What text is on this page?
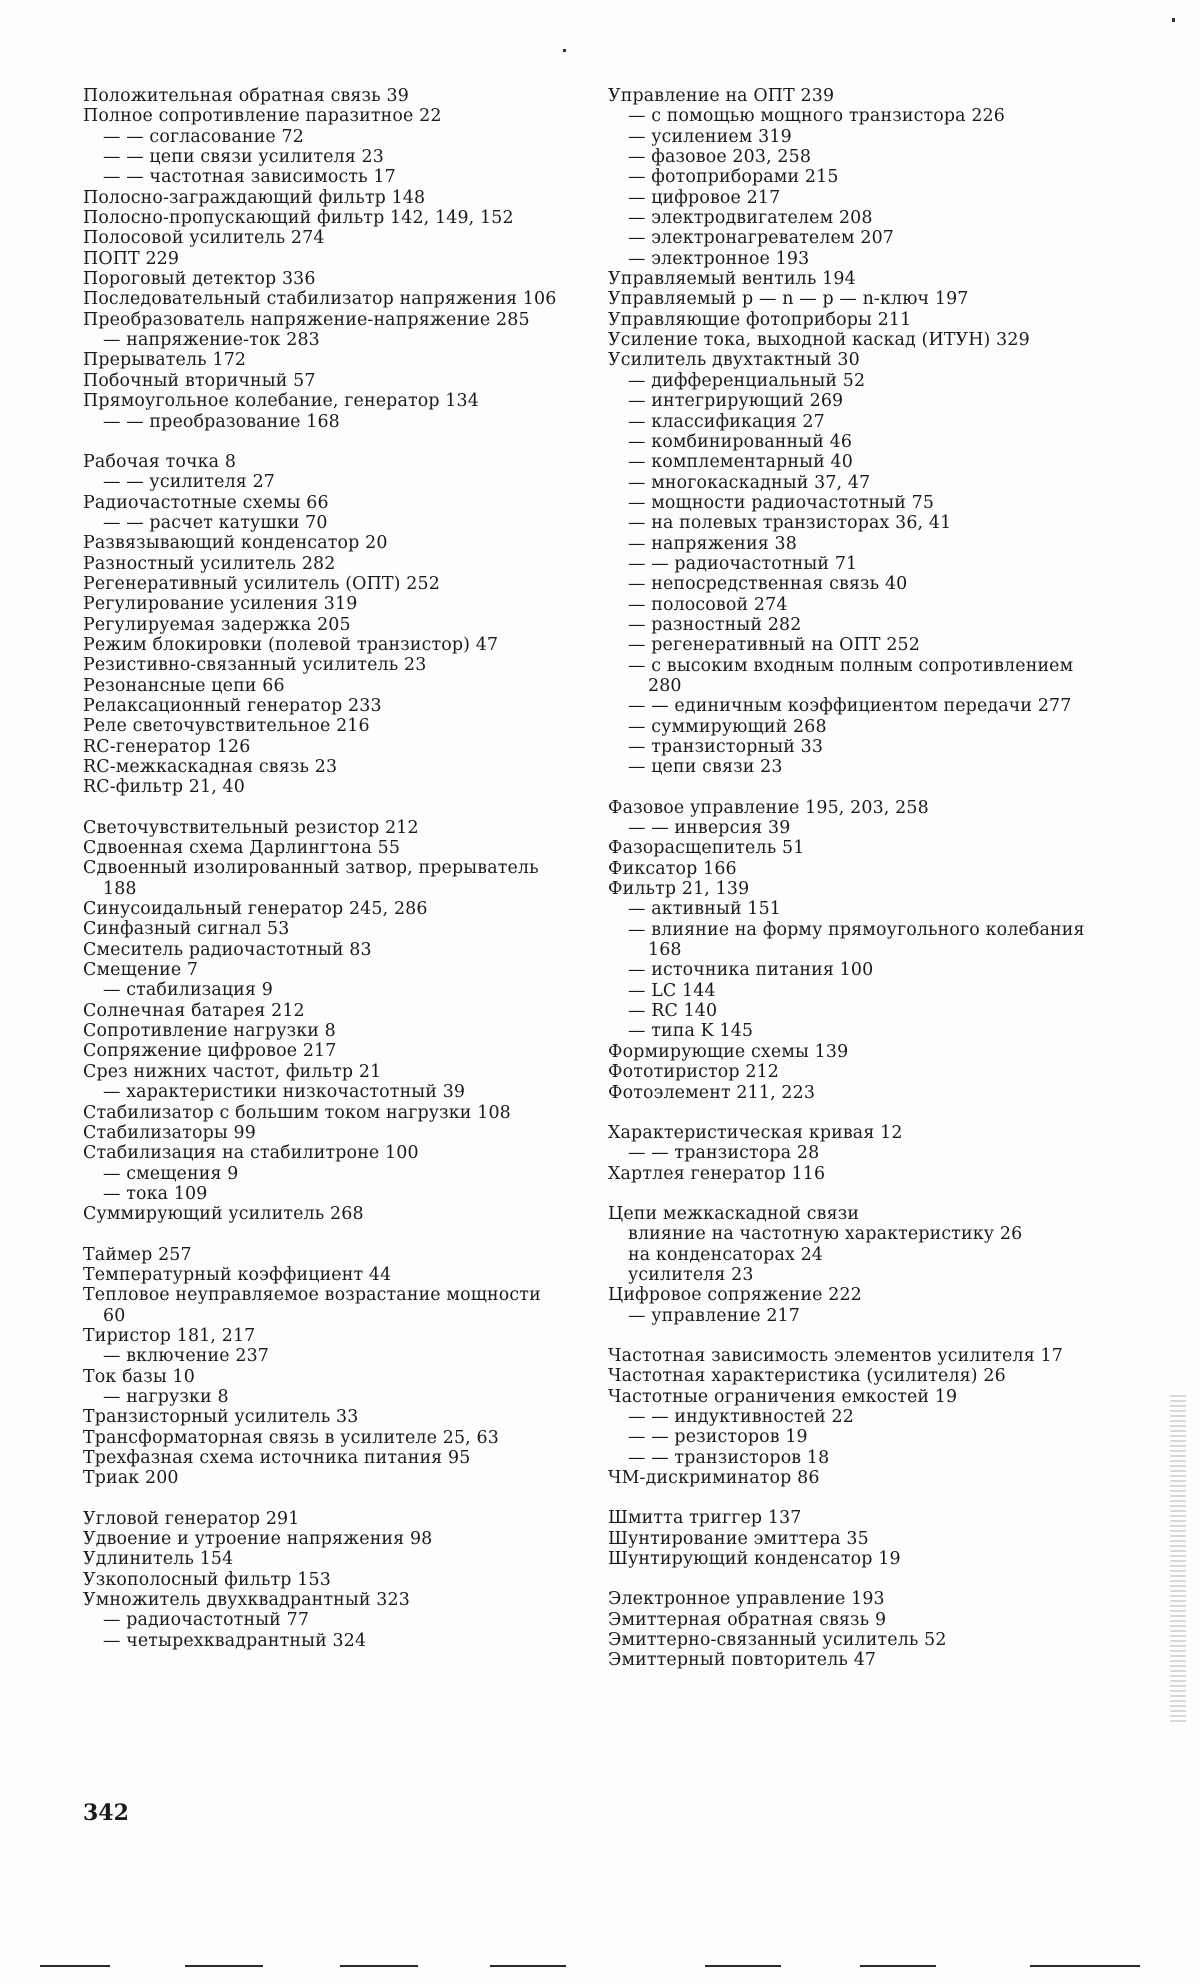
Положительная обратная связь 39
Полное сопротивление паразитное 22
— — согласование 72
— — цепи связи усилителя 23
— — частотная зависимость 17
Полосно-заграждающий фильтр 148
Полосно-пропускающий фильтр 142, 149, 152
Полосовой усилитель 274
ПОПТ 229
Пороговый детектор 336
Последовательный стабилизатор напряжения 106
Преобразователь напряжение-напряжение 285
— напряжение-ток 283
Прерыватель 172
Побочный вторичный 57
Прямоугольное колебание, генератор 134
— — преобразование 168
Рабочая точка 8
— — усилителя 27
Радиочастотные схемы 66
— — расчет катушки 70
Развязывающий конденсатор 20
Разностный усилитель 282
Регенеративный усилитель (ОПТ) 252
Регулирование усиления 319
Регулируемая задержка 205
Режим блокировки (полевой транзистор) 47
Резистивно-связанный усилитель 23
Резонансные цепи 66
Релаксационный генератор 233
Реле светочувствительное 216
RC-генератор 126
RC-межкаскадная связь 23
RC-фильтр 21, 40
Светочувствительный резистор 212
Сдвоенная схема Дарлингтона 55
Сдвоенный изолированный затвор, прерыватель 188
Синусоидальный генератор 245, 286
Синфазный сигнал 53
Смеситель радиочастотный 83
Смещение 7
— стабилизация 9
Солнечная батарея 212
Сопротивление нагрузки 8
Сопряжение цифровое 217
Срез нижних частот, фильтр 21
— характеристики низкочастотный 39
Стабилизатор с большим током нагрузки 108
Стабилизаторы 99
Стабилизация на стабилитроне 100
— смещения 9
— тока 109
Суммирующий усилитель 268
Таймер 257
Температурный коэффициент 44
Тепловое неуправляемое возрастание мощности 60
Тиристор 181, 217
— включение 237
Ток базы 10
— нагрузки 8
Транзисторный усилитель 33
Трансформаторная связь в усилителе 25, 63
Трехфазная схема источника питания 95
Триак 200
Угловой генератор 291
Удвоение и утроение напряжения 98
Удлинитель 154
Узкополосный фильтр 153
Умножитель двухквадрантный 323
— радиочастотный 77
— четырехквадрантный 324
Управление на ОПТ 239
— с помощью мощного транзистора 226
— усилением 319
— фазовое 203, 258
— фотоприборами 215
— цифровое 217
— электродвигателем 208
— электронагревателем 207
— электронное 193
Управляемый вентиль 194
Управляемый p — n — p — n-ключ 197
Управляющие фотоприборы 211
Усиление тока, выходной каскад (ИТУН) 329
Усилитель двухтактный 30
— дифференциальный 52
— интегрирующий 269
— классификация 27
— комбинированный 46
— комплементарный 40
— многокаскадный 37, 47
— мощности радиочастотный 75
— на полевых транзисторах 36, 41
— напряжения 38
— — радиочастотный 71
— непосредственная связь 40
— полосовой 274
— разностный 282
— регенеративный на ОПТ 252
— с высоким входным полным сопротивлением 280
— — единичным коэффициентом передачи 277
— суммирующий 268
— транзисторный 33
— цепи связи 23
Фазовое управление 195, 203, 258
— — инверсия 39
Фазорасщепитель 51
Фиксатор 166
Фильтр 21, 139
— активный 151
— влияние на форму прямоугольного колебания 168
— источника питания 100
— LC 144
— RC 140
— типа K 145
Формирующие схемы 139
Фототиристор 212
Фотоэлемент 211, 223
Характеристическая кривая 12
— — транзистора 28
Хартлея генератор 116
Цепи межкаскадной связи
влияние на частотную характеристику 26
на конденсаторах 24
усилителя 23
Цифровое сопряжение 222
— управление 217
Частотная зависимость элементов усилителя 17
Частотная характеристика (усилителя) 26
Частотные ограничения емкостей 19
— — индуктивностей 22
— — резисторов 19
— — транзисторов 18
ЧМ-дискриминатор 86
Шмитта триггер 137
Шунтирование эмиттера 35
Шунтирующий конденсатор 19
Электронное управление 193
Эмиттерная обратная связь 9
Эмиттерно-связанный усилитель 52
Эмиттерный повторитель 47
342
